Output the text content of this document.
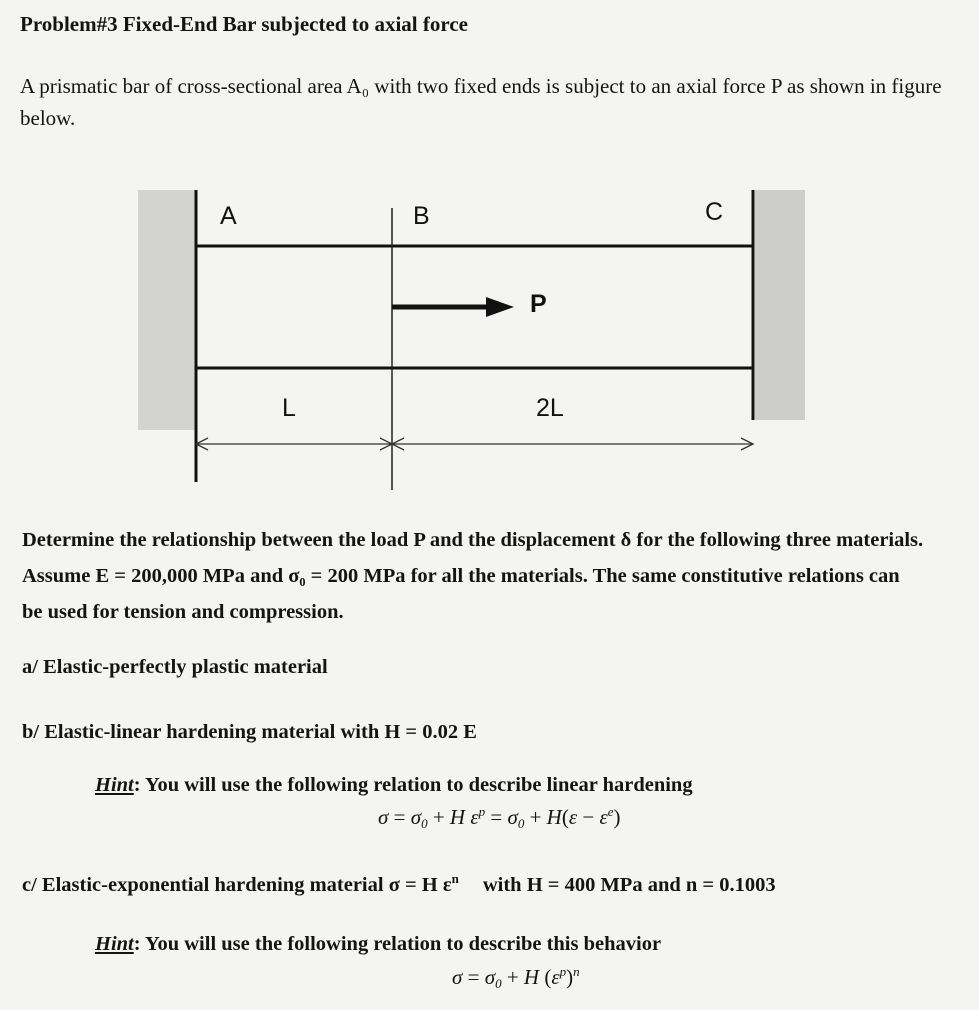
Problem#3 Fixed-End Bar subjected to axial force
A prismatic bar of cross-sectional area A₀ with two fixed ends is subject to an axial force P as shown in figure below.
A	B	C
P
L	2L
Determine the relationship between the load P and the displacement δ for the following three materials.
Assume E = 200,000 MPa and σ₀ = 200 MPa for all the materials. The same constitutive relations can
be used for tension and compression.
a/ Elastic-perfectly plastic material
b/ Elastic-linear hardening material with H = 0.02 E
Hint: You will use the following relation to describe linear hardening
$\sigma = \sigma_0 + H$ $\varepsilon^p = \sigma_0 + H(\varepsilon - \varepsilon^e)$
c/ Elastic-exponential hardening material σ = H $\varepsilon^n$ with H = 400 MPa and n = 0.1003
Hint: You will use the following relation to describe this behavior
$\sigma = \sigma_0 + H$ $(\varepsilon^p)^n$
